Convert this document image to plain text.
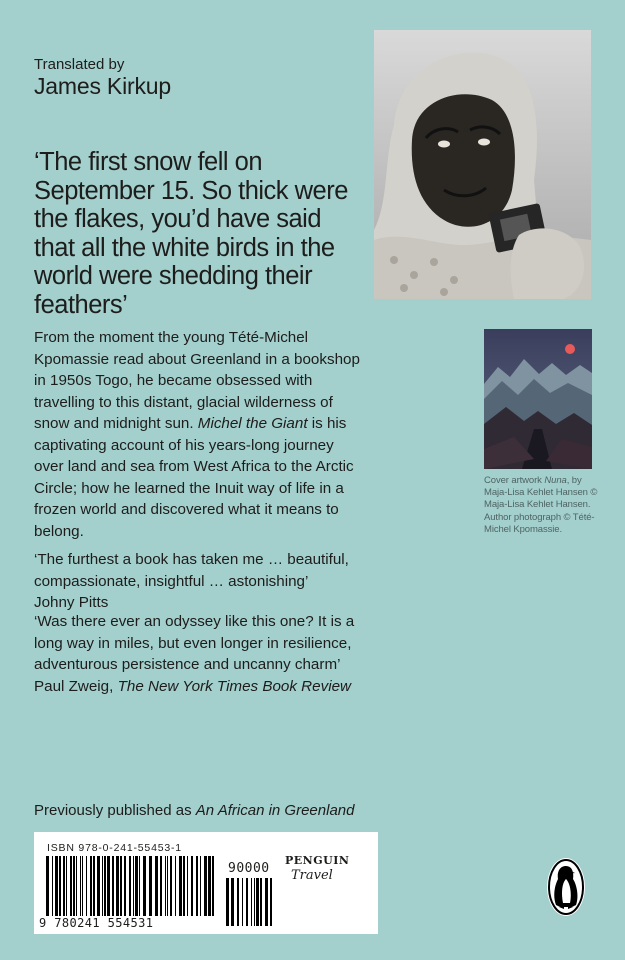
Translated by
James Kirkup

‘The first snow fell on September 15. So thick were the flakes, you’d have said that all the white birds in the world were shedding their feathers’

From the moment the young Tété-Michel Kpomassie read about Greenland in a bookshop in 1950s Togo, he became obsessed with travelling to this distant, glacial wilderness of snow and midnight sun. Michel the Giant is his captivating account of his years-long journey over land and sea from West Africa to the Arctic Circle; how he learned the Inuit way of life in a frozen world and discovered what it means to belong.

‘The furthest a book has taken me … beautiful, compassionate, insightful … astonishing’
Johny Pitts

‘Was there ever an odyssey like this one? It is a long way in miles, but even longer in resilience, adventurous persistence and uncanny charm’  Paul Zweig, The New York Times Book Review

Previously published as An African in Greenland
Cover artwork Nuna, by Maja-Lisa Kehlet Hansen © Maja-Lisa Kehlet Hansen. Author photograph © Tété-Michel Kpomassie.
ISBN 978-0-241-55453-1
9 780241 554531
90000
PENGUIN
Travel
